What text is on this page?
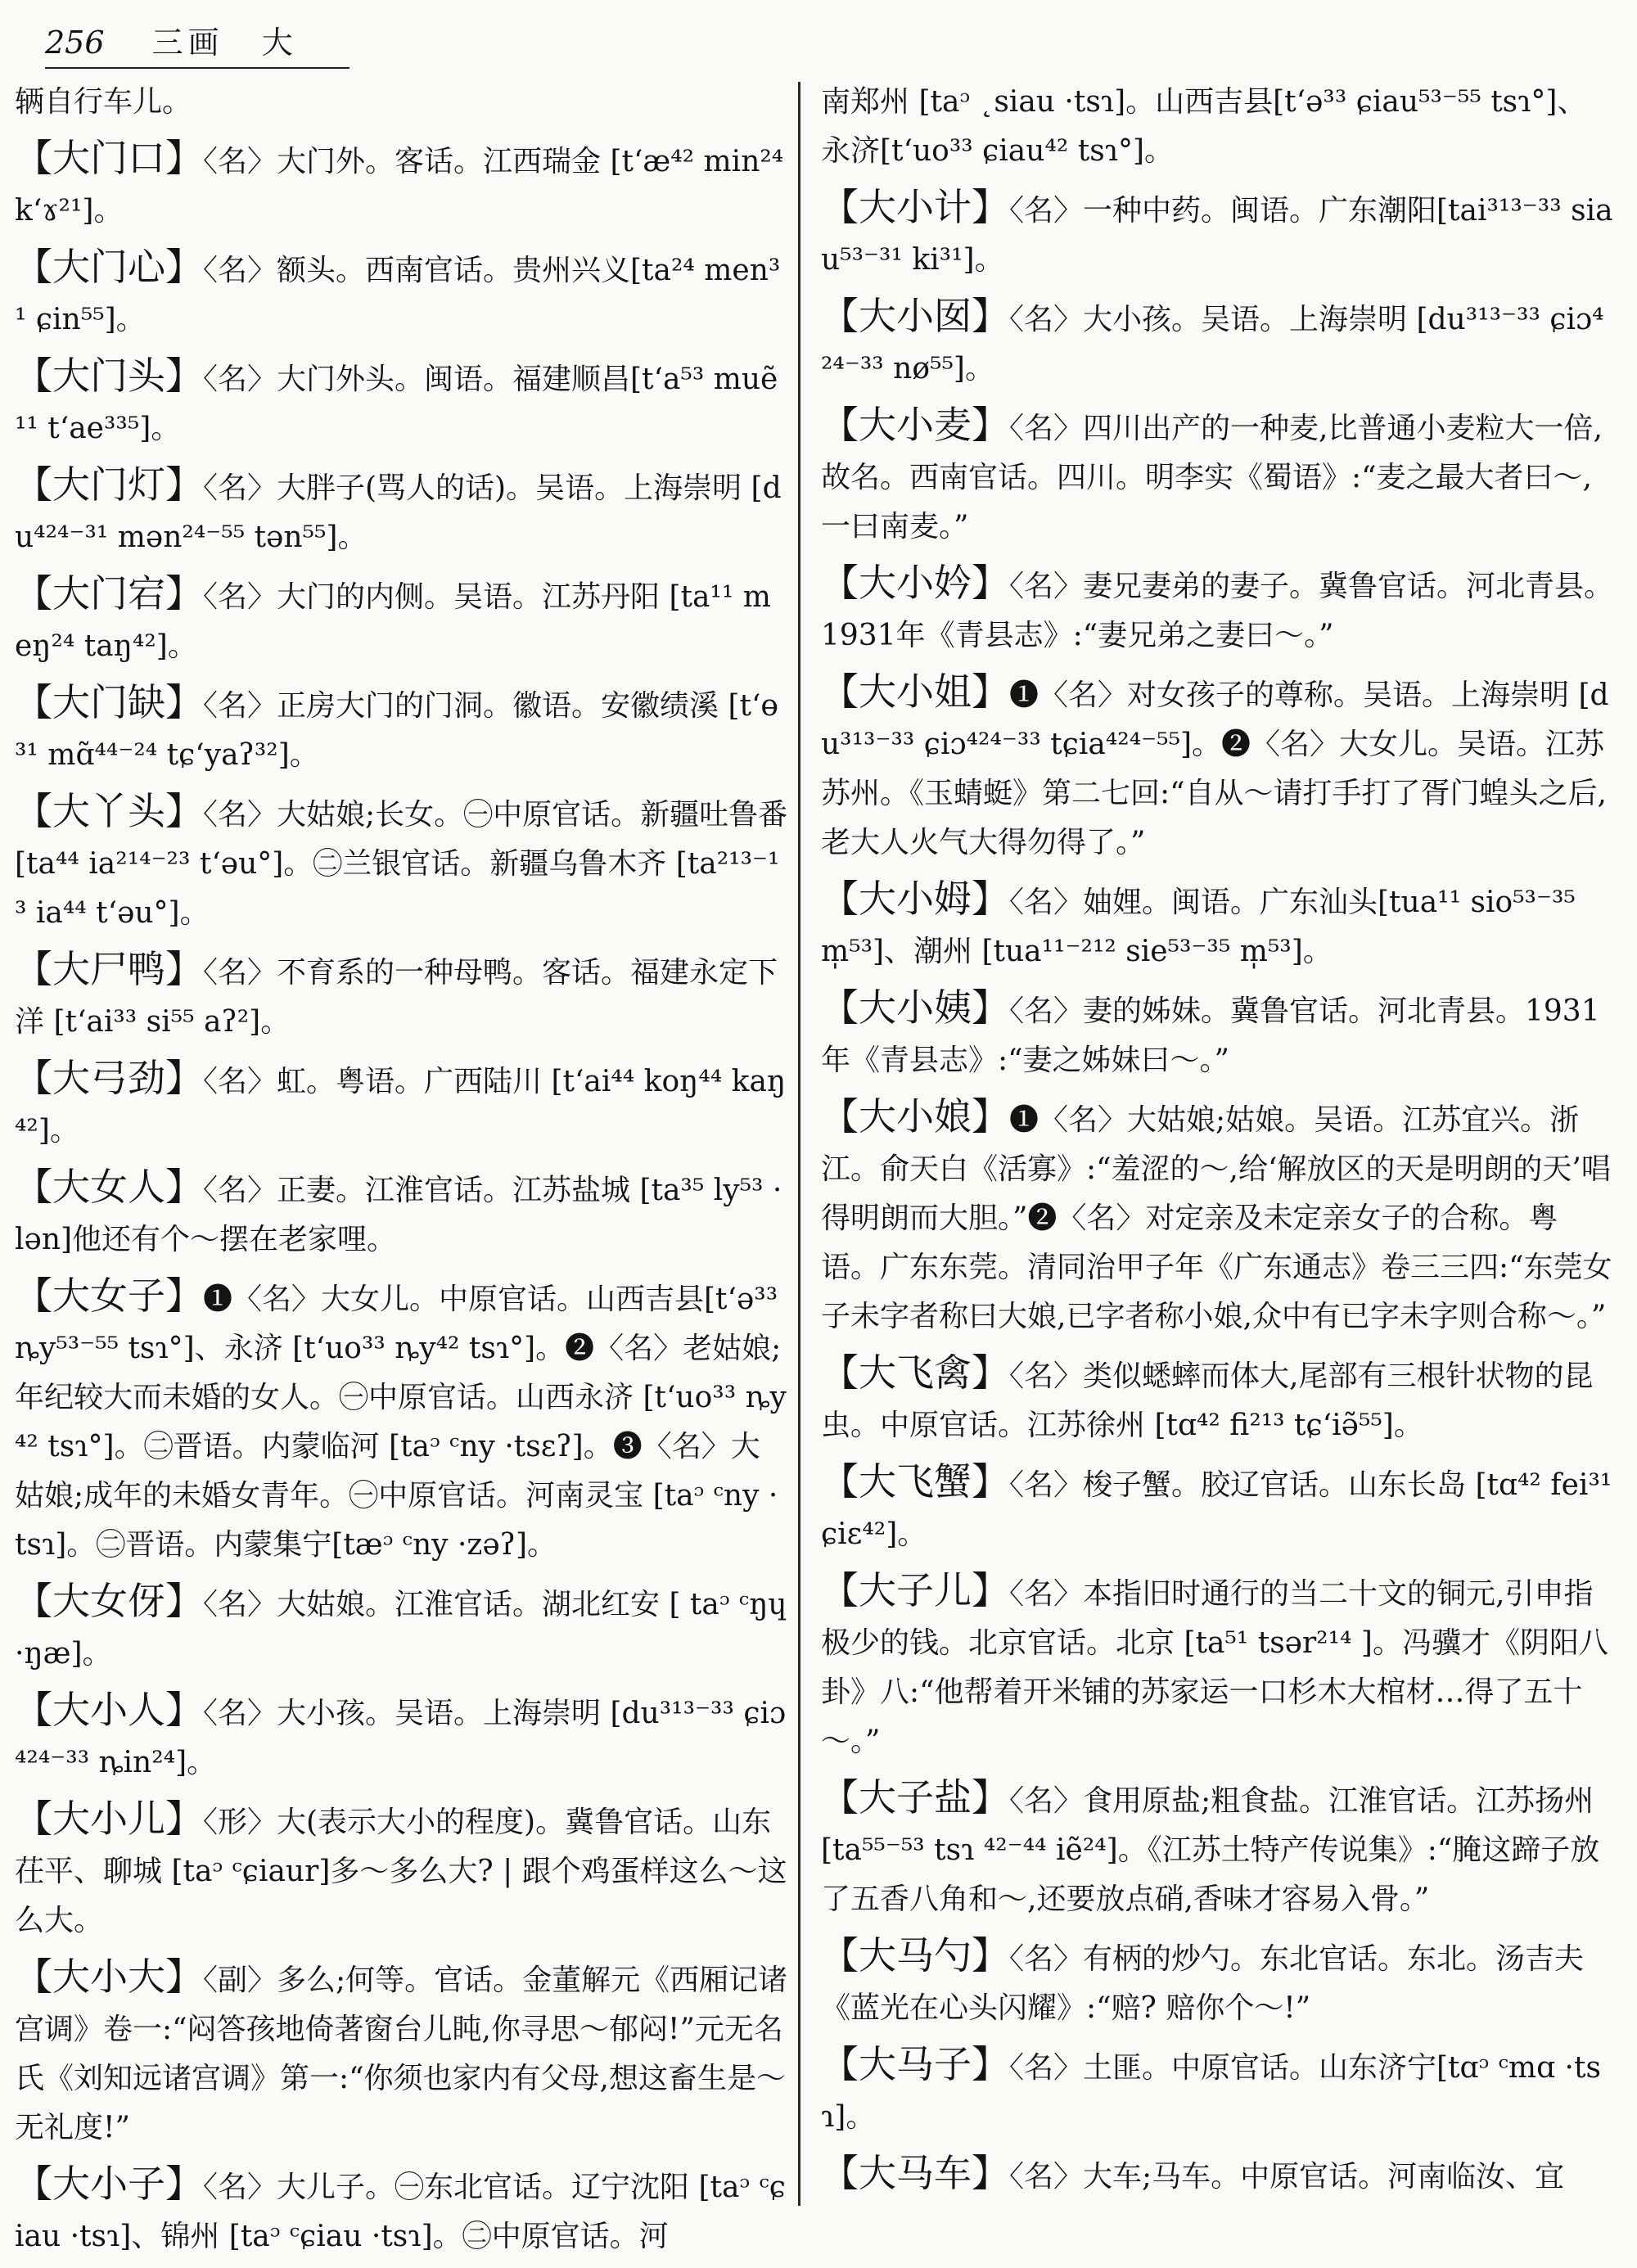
256 三画 大
辆自行车儿。
【大门口】〈名〉大门外。客话。江西瑞金 [tʻæ⁴² min²⁴ kʻɤ²¹]。
【大门心】〈名〉额头。西南官话。贵州兴义[ta²⁴ men³¹ ɕin⁵⁵]。
【大门头】〈名〉大门外头。闽语。福建顺昌[tʻa⁵³ muẽ¹¹ tʻae³³⁵]。
【大门灯】〈名〉大胖子(骂人的话)。吴语。上海崇明 [du⁴²⁴⁻³¹ mən²⁴⁻⁵⁵ tən⁵⁵]。
【大门宕】〈名〉大门的内侧。吴语。江苏丹阳 [ta¹¹ meŋ²⁴ taŋ⁴²]。
【大门缺】〈名〉正房大门的门洞。徽语。安徽绩溪 [tʻɵ³¹ mɑ̃⁴⁴⁻²⁴ tɕʻyaʔ³²]。
【大丫头】〈名〉大姑娘;长女。㊀中原官话。新疆吐鲁番 [ta⁴⁴ ia²¹⁴⁻²³ tʻəu°]。㊁兰银官话。新疆乌鲁木齐 [ta²¹³⁻¹³ ia⁴⁴ tʻəu°]。
【大尸鸭】〈名〉不育系的一种母鸭。客话。福建永定下洋 [tʻai³³ si⁵⁵ aʔ²]。
【大弓劲】〈名〉虹。粤语。广西陆川 [tʻai⁴⁴ koŋ⁴⁴ kaŋ⁴²]。
【大女人】〈名〉正妻。江淮官话。江苏盐城 [ta³⁵ ly⁵³ ·lən]他还有个～摆在老家哩。
【大女子】❶〈名〉大女儿。中原官话。山西吉县[tʻə³³ ȵy⁵³⁻⁵⁵ tsɿ°]、永济 [tʻuo³³ ȵy⁴² tsɿ°]。❷〈名〉老姑娘;年纪较大而未婚的女人。㊀中原官话。山西永济 [tʻuo³³ ȵy⁴² tsɿ°]。㊁晋语。内蒙临河 [taᵓ ᶜny ·tsɛʔ]。❸〈名〉大姑娘;成年的未婚女青年。㊀中原官话。河南灵宝 [taᵓ ᶜny ·tsɿ]。㊁晋语。内蒙集宁[tæᵓ ᶜny ·zəʔ]。
【大女伢】〈名〉大姑娘。江淮官话。湖北红安 [ taᵓ ᶜŋɥ ·ŋæ]。
【大小人】〈名〉大小孩。吴语。上海崇明 [du³¹³⁻³³ ɕiɔ⁴²⁴⁻³³ ȵin²⁴]。
【大小儿】〈形〉大(表示大小的程度)。冀鲁官话。山东茌平、聊城 [taᵓ ᶜɕiaur]多～多么大? | 跟个鸡蛋样这么～这么大。
【大小大】〈副〉多么;何等。官话。金董解元《西厢记诸宫调》卷一:“闷答孩地倚著窗台儿盹,你寻思～郁闷!”元无名氏《刘知远诸宫调》第一:“你须也家内有父母,想这畜生是～无礼度!”
【大小子】〈名〉大儿子。㊀东北官话。辽宁沈阳 [taᵓ ᶜɕiau ·tsɿ]、锦州 [taᵓ ᶜɕiau ·tsɿ]。㊁中原官话。河
南郑州 [taᵓ ˛siau ·tsɿ]。山西吉县[tʻə³³ ɕiau⁵³⁻⁵⁵ tsɿ°]、永济[tʻuo³³ ɕiau⁴² tsɿ°]。
【大小计】〈名〉一种中药。闽语。广东潮阳[tai³¹³⁻³³ siau⁵³⁻³¹ ki³¹]。
【大小囡】〈名〉大小孩。吴语。上海崇明 [du³¹³⁻³³ ɕiɔ⁴²⁴⁻³³ nø⁵⁵]。
【大小麦】〈名〉四川出产的一种麦,比普通小麦粒大一倍,故名。西南官话。四川。明李实《蜀语》:“麦之最大者曰～,一曰南麦。”
【大小妗】〈名〉妻兄妻弟的妻子。冀鲁官话。河北青县。1931年《青县志》:“妻兄弟之妻曰～。”
【大小姐】❶〈名〉对女孩子的尊称。吴语。上海崇明 [du³¹³⁻³³ ɕiɔ⁴²⁴⁻³³ tɕia⁴²⁴⁻⁵⁵]。❷〈名〉大女儿。吴语。江苏苏州。《玉蜻蜓》第二七回:“自从～请打手打了胥门蝗头之后,老大人火气大得勿得了。”
【大小姆】〈名〉妯娌。闽语。广东汕头[tua¹¹ sio⁵³⁻³⁵ m̩⁵³]、潮州 [tua¹¹⁻²¹² sie⁵³⁻³⁵ m̩⁵³]。
【大小姨】〈名〉妻的姊妹。冀鲁官话。河北青县。1931年《青县志》:“妻之姊妹曰～。”
【大小娘】❶〈名〉大姑娘;姑娘。吴语。江苏宜兴。浙江。俞天白《活寡》:“羞涩的～,给‘解放区的天是明朗的天’唱得明朗而大胆。”❷〈名〉对定亲及未定亲女子的合称。粤语。广东东莞。清同治甲子年《广东通志》卷三三四:“东莞女子未字者称曰大娘,已字者称小娘,众中有已字未字则合称～。”
【大飞禽】〈名〉类似蟋蟀而体大,尾部有三根针状物的昆虫。中原官话。江苏徐州 [tɑ⁴² fi²¹³ tɕʻiə̃⁵⁵]。
【大飞蟹】〈名〉梭子蟹。胶辽官话。山东长岛 [tɑ⁴² fei³¹ ɕiɛ⁴²]。
【大子儿】〈名〉本指旧时通行的当二十文的铜元,引申指极少的钱。北京官话。北京 [ta⁵¹ tsər²¹⁴ ]。冯骥才《阴阳八卦》八:“他帮着开米铺的苏家运一口杉木大棺材…得了五十～。”
【大子盐】〈名〉食用原盐;粗食盐。江淮官话。江苏扬州 [ta⁵⁵⁻⁵³ tsɿ ⁴²⁻⁴⁴ iẽ²⁴]。《江苏土特产传说集》:“腌这蹄子放了五香八角和～,还要放点硝,香味才容易入骨。”
【大马勺】〈名〉有柄的炒勺。东北官话。东北。汤吉夫《蓝光在心头闪耀》:“赔? 赔你个～!”
【大马子】〈名〉土匪。中原官话。山东济宁[tɑᵓ ᶜmɑ ·tsɿ]。
【大马车】〈名〉大车;马车。中原官话。河南临汝、宜
